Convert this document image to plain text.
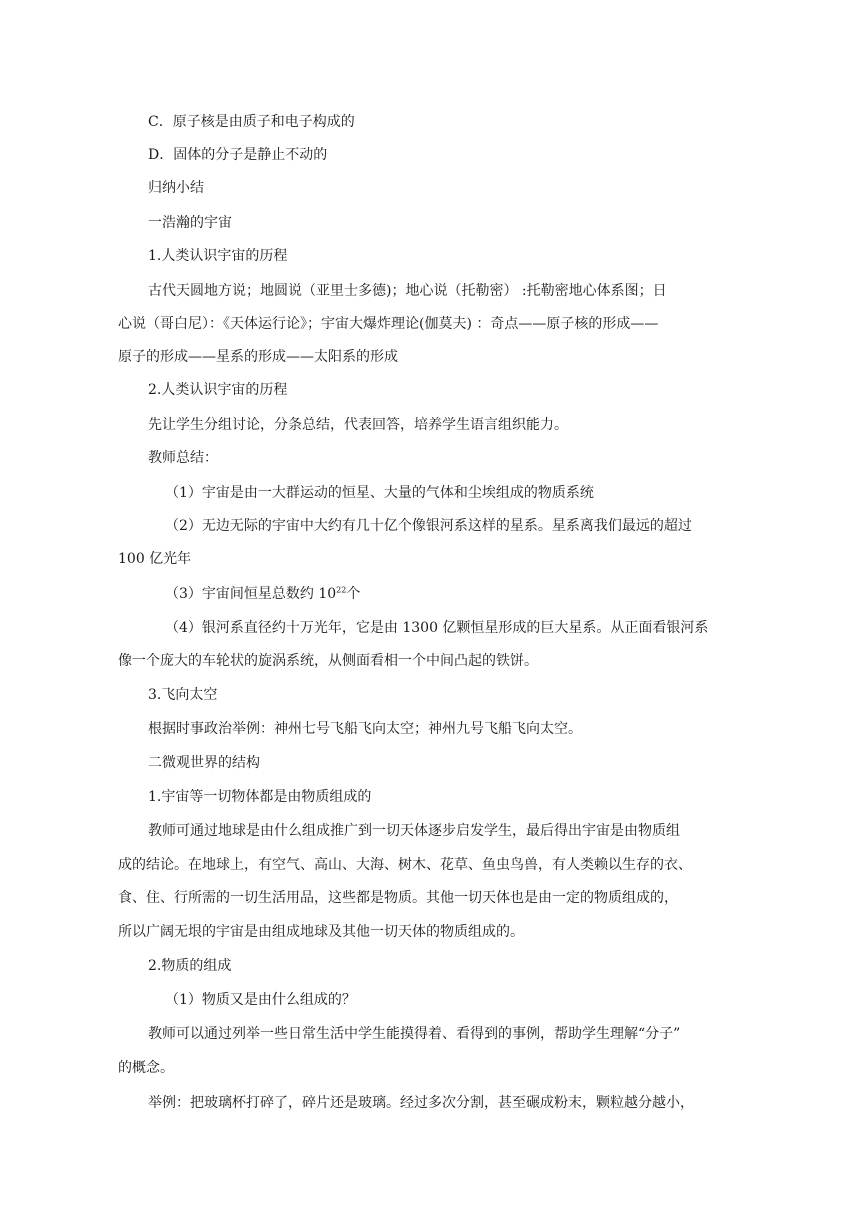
C．原子核是由质子和电子构成的
D．固体的分子是静止不动的
归纳小结
一浩瀚的宇宙
1.人类认识宇宙的历程
古代天圆地方说；地圆说（亚里士多德)；地心说（托勒密） :托勒密地心体系图；日
心说（哥白尼）：《天体运行论》；宇宙大爆炸理论(伽莫夫) ：奇点——原子核的形成——
原子的形成——星系的形成——太阳系的形成
2.人类认识宇宙的历程
先让学生分组讨论，分条总结，代表回答，培养学生语言组织能力。
教师总结：
（1）宇宙是由一大群运动的恒星、大量的气体和尘埃组成的物质系统
（2）无边无际的宇宙中大约有几十亿个像银河系这样的星系。星系离我们最远的超过
100 亿光年
（3）宇宙间恒星总数约 $10^{22}$个
（4）银河系直径约十万光年，它是由 1300 亿颗恒星形成的巨大星系。从正面看银河系
像一个庞大的车轮状的旋涡系统，从侧面看相一个中间凸起的铁饼。
3.飞向太空
根据时事政治举例：神州七号飞船飞向太空；神州九号飞船飞向太空。
二微观世界的结构
1.宇宙等一切物体都是由物质组成的
教师可通过地球是由什么组成推广到一切天体逐步启发学生，最后得出宇宙是由物质组
成的结论。在地球上，有空气、高山、大海、树木、花草、鱼虫鸟兽，有人类赖以生存的衣、
食、住、行所需的一切生活用品，这些都是物质。其他一切天体也是由一定的物质组成的，
所以广阔无垠的宇宙是由组成地球及其他一切天体的物质组成的。
2.物质的组成
（1）物质又是由什么组成的？
教师可以通过列举一些日常生活中学生能摸得着、看得到的事例，帮助学生理解“分子”
的概念。
举例：把玻璃杯打碎了，碎片还是玻璃。经过多次分割，甚至碾成粉末，颗粒越分越小，
